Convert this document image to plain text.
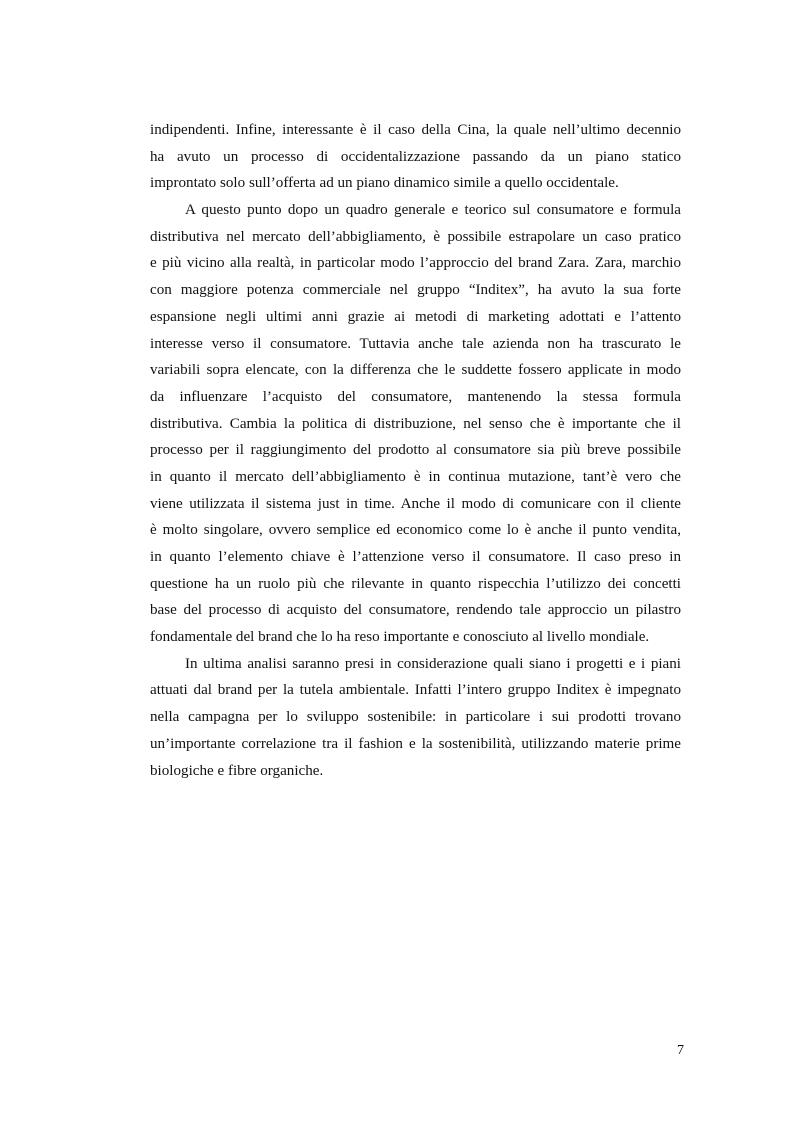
indipendenti. Infine, interessante è il caso della Cina, la quale nell’ultimo decennio
ha avuto un processo di occidentalizzazione passando da un piano statico
improntato solo sull’offerta ad un piano dinamico simile a quello occidentale.
A questo punto dopo un quadro generale e teorico sul consumatore e formula
distributiva nel mercato dell’abbigliamento, è possibile estrapolare un caso pratico
e più vicino alla realtà, in particolar modo l’approccio del brand Zara. Zara, marchio
con maggiore potenza commerciale nel gruppo “Inditex”, ha avuto la sua forte
espansione negli ultimi anni grazie ai metodi di marketing adottati e l’attento
interesse verso il consumatore. Tuttavia anche tale azienda non ha trascurato le
variabili sopra elencate, con la differenza che le suddette fossero applicate in modo
da influenzare l’acquisto del consumatore, mantenendo la stessa formula
distributiva. Cambia la politica di distribuzione, nel senso che è importante che il
processo per il raggiungimento del prodotto al consumatore sia più breve possibile
in quanto il mercato dell’abbigliamento è in continua mutazione, tant’è vero che
viene utilizzata il sistema just in time. Anche il modo di comunicare con il cliente
è molto singolare, ovvero semplice ed economico come lo è anche il punto vendita,
in quanto l’elemento chiave è l’attenzione verso il consumatore. Il caso preso in
questione ha un ruolo più che rilevante in quanto rispecchia l’utilizzo dei concetti
base del processo di acquisto del consumatore, rendendo tale approccio un pilastro
fondamentale del brand che lo ha reso importante e conosciuto al livello mondiale.
In ultima analisi saranno presi in considerazione quali siano i progetti e i piani
attuati dal brand per la tutela ambientale. Infatti l’intero gruppo Inditex è impegnato
nella campagna per lo sviluppo sostenibile: in particolare i sui prodotti trovano
un’importante correlazione tra il fashion e la sostenibilità, utilizzando materie prime
biologiche e fibre organiche.
7
